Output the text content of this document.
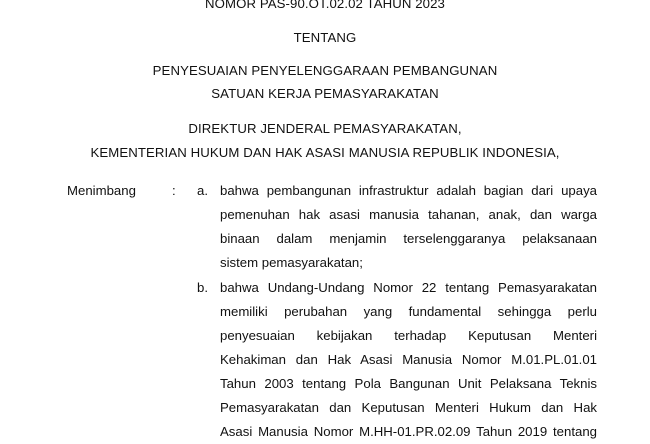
NOMOR PAS-90.OT.02.02 TAHUN 2023
TENTANG
PENYESUAIAN PENYELENGGARAAN PEMBANGUNAN
SATUAN KERJA PEMASYARAKATAN
DIREKTUR JENDERAL PEMASYARAKATAN,
KEMENTERIAN HUKUM DAN HAK ASASI MANUSIA REPUBLIK INDONESIA,
Menimbang	: a. bahwa pembangunan infrastruktur adalah bagian dari upaya
pemenuhan hak asasi manusia tahanan, anak, dan warga
binaan dalam menjamin terselenggaranya pelaksanaan
sistem pemasyarakatan;
b. bahwa Undang-Undang Nomor 22 tentang Pemasyarakatan
memiliki perubahan yang fundamental sehingga perlu
penyesuaian kebijakan terhadap Keputusan Menteri
Kehakiman dan Hak Asasi Manusia Nomor M.01.PL.01.01
Tahun 2003 tentang Pola Bangunan Unit Pelaksana Teknis
Pemasyarakatan dan Keputusan Menteri Hukum dan Hak
Asasi Manusia Nomor M.HH-01.PR.02.09 Tahun 2019 tentang
